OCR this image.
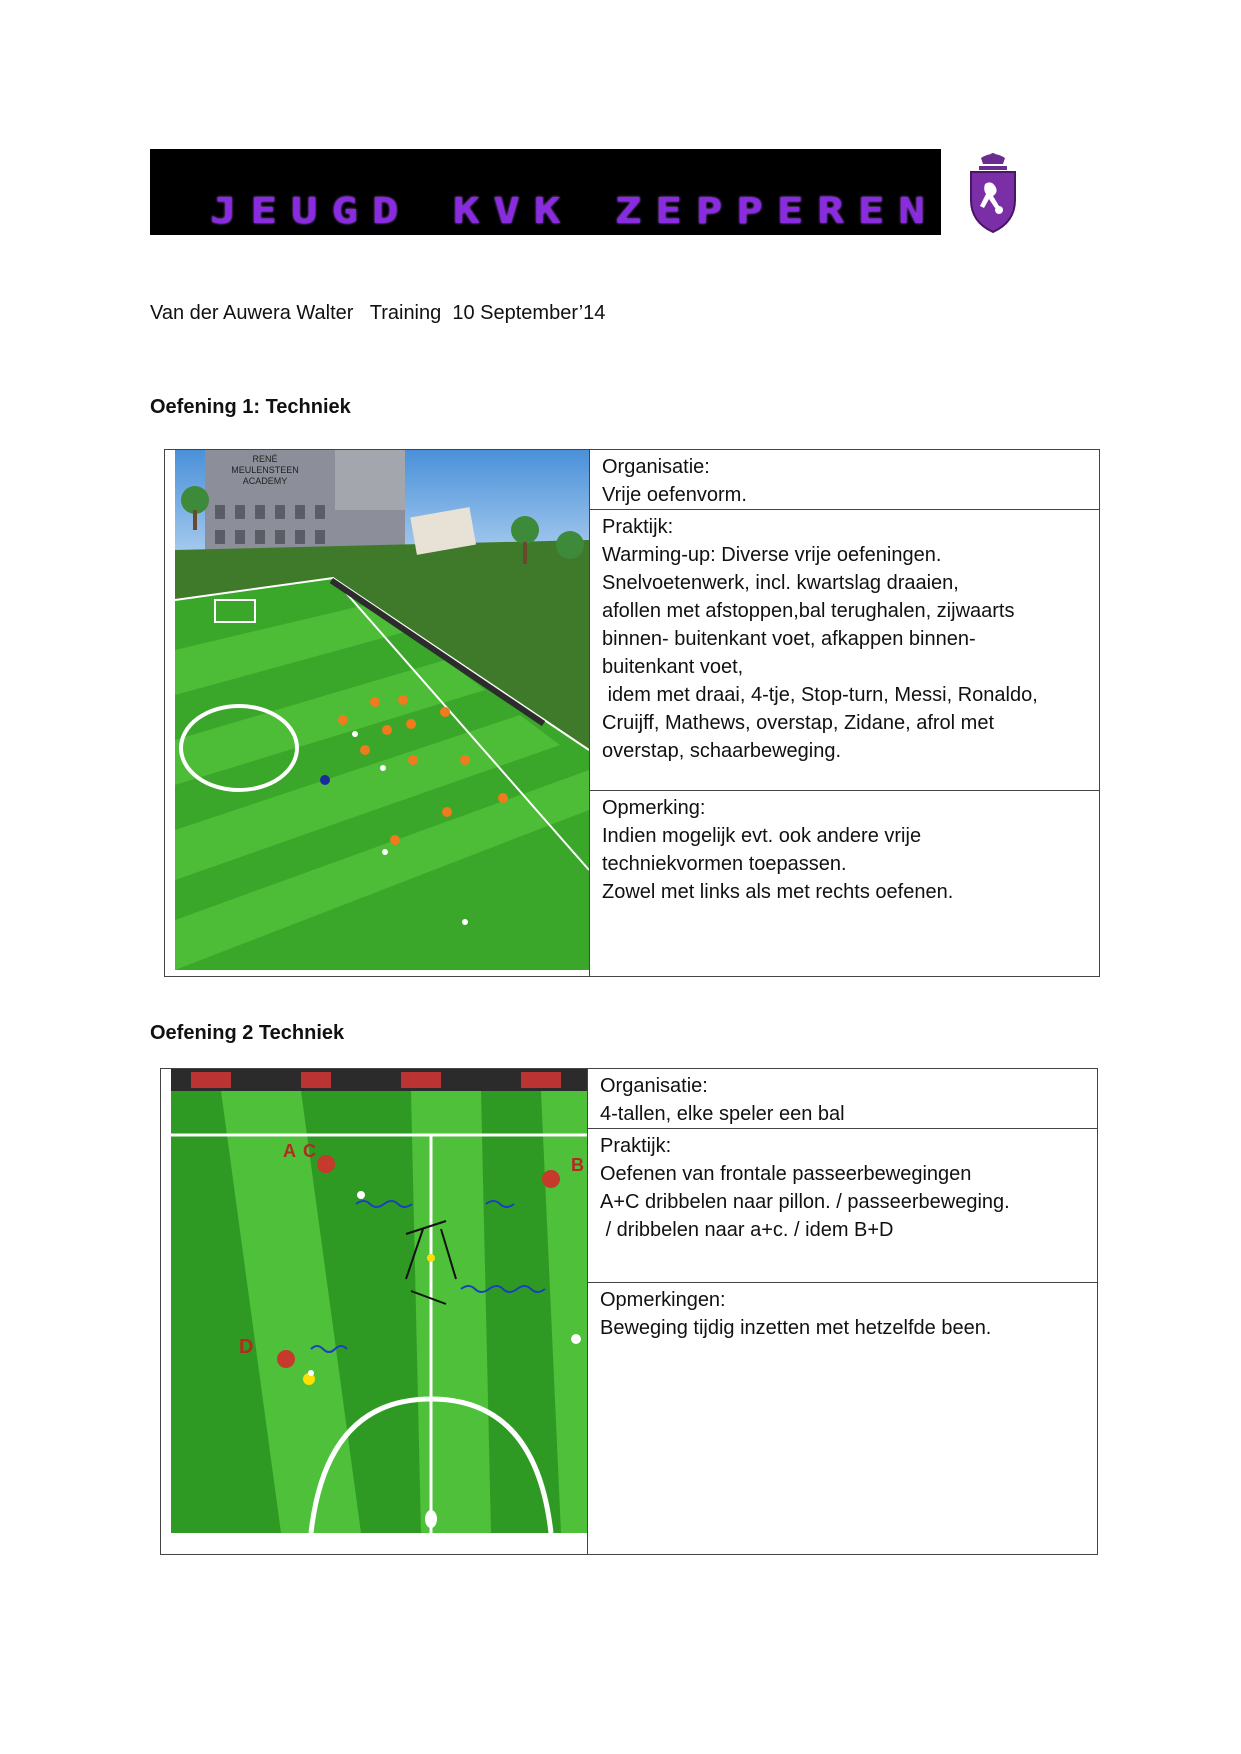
JEUGD KVK ZEPPEREN
Van der Auwera Walter   Training  10 September’14
Oefening 1: Techniek
RENÉ
MEULENSTEEN
ACADEMY

Organisatie:
Vrije oefenvorm.

Praktijk:
Warming-up: Diverse vrije oefeningen.
Snelvoetenwerk, incl. kwartslag draaien,
afollen met afstoppen,bal terughalen, zijwaarts
binnen- buitenkant voet, afkappen binnen-
buitenkant voet,
idem met draai, 4-tje, Stop-turn, Messi, Ronaldo,
Cruijff, Mathews, overstap, Zidane, afrol met
overstap, schaarbeweging.

Opmerking:
Indien mogelijk evt. ook andere vrije
techniekvormen toepassen.
Zowel met links als met rechts oefenen.
Oefening 2 Techniek
A C
B
D

Organisatie:
4-tallen, elke speler een bal

Praktijk:
Oefenen van frontale passeerbewegingen
A+C dribbelen naar pillon. / passeerbeweging.
/ dribbelen naar a+c. / idem B+D

Opmerkingen:
Beweging tijdig inzetten met hetzelfde been.
